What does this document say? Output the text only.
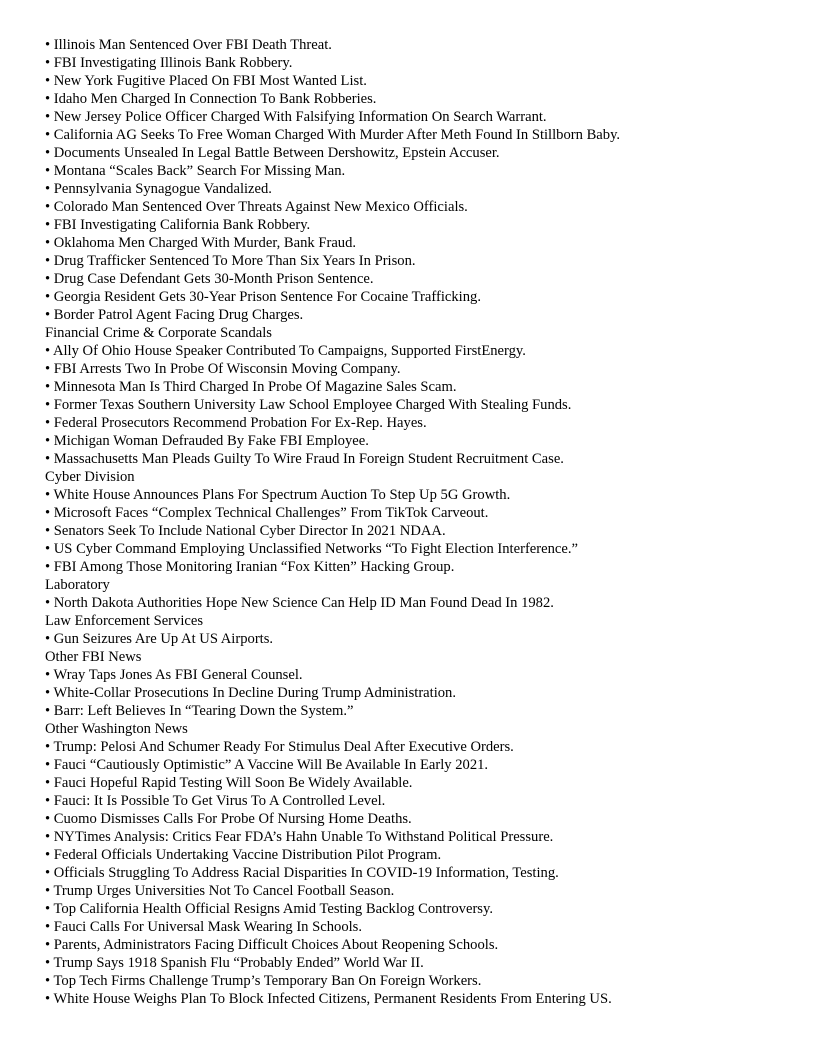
• Illinois Man Sentenced Over FBI Death Threat.
• FBI Investigating Illinois Bank Robbery.
• New York Fugitive Placed On FBI Most Wanted List.
• Idaho Men Charged In Connection To Bank Robberies.
• New Jersey Police Officer Charged With Falsifying Information On Search Warrant.
• California AG Seeks To Free Woman Charged With Murder After Meth Found In Stillborn Baby.
• Documents Unsealed In Legal Battle Between Dershowitz, Epstein Accuser.
• Montana “Scales Back” Search For Missing Man.
• Pennsylvania Synagogue Vandalized.
• Colorado Man Sentenced Over Threats Against New Mexico Officials.
• FBI Investigating California Bank Robbery.
• Oklahoma Men Charged With Murder, Bank Fraud.
• Drug Trafficker Sentenced To More Than Six Years In Prison.
• Drug Case Defendant Gets 30-Month Prison Sentence.
• Georgia Resident Gets 30-Year Prison Sentence For Cocaine Trafficking.
• Border Patrol Agent Facing Drug Charges.
Financial Crime & Corporate Scandals
• Ally Of Ohio House Speaker Contributed To Campaigns, Supported FirstEnergy.
• FBI Arrests Two In Probe Of Wisconsin Moving Company.
• Minnesota Man Is Third Charged In Probe Of Magazine Sales Scam.
• Former Texas Southern University Law School Employee Charged With Stealing Funds.
• Federal Prosecutors Recommend Probation For Ex-Rep. Hayes.
• Michigan Woman Defrauded By Fake FBI Employee.
• Massachusetts Man Pleads Guilty To Wire Fraud In Foreign Student Recruitment Case.
Cyber Division
• White House Announces Plans For Spectrum Auction To Step Up 5G Growth.
• Microsoft Faces “Complex Technical Challenges” From TikTok Carveout.
• Senators Seek To Include National Cyber Director In 2021 NDAA.
• US Cyber Command Employing Unclassified Networks “To Fight Election Interference.”
• FBI Among Those Monitoring Iranian “Fox Kitten” Hacking Group.
Laboratory
• North Dakota Authorities Hope New Science Can Help ID Man Found Dead In 1982.
Law Enforcement Services
• Gun Seizures Are Up At US Airports.
Other FBI News
• Wray Taps Jones As FBI General Counsel.
• White-Collar Prosecutions In Decline During Trump Administration.
• Barr: Left Believes In “Tearing Down the System.”
Other Washington News
• Trump: Pelosi And Schumer Ready For Stimulus Deal After Executive Orders.
• Fauci “Cautiously Optimistic” A Vaccine Will Be Available In Early 2021.
• Fauci Hopeful Rapid Testing Will Soon Be Widely Available.
• Fauci: It Is Possible To Get Virus To A Controlled Level.
• Cuomo Dismisses Calls For Probe Of Nursing Home Deaths.
• NYTimes Analysis: Critics Fear FDA’s Hahn Unable To Withstand Political Pressure.
• Federal Officials Undertaking Vaccine Distribution Pilot Program.
• Officials Struggling To Address Racial Disparities In COVID-19 Information, Testing.
• Trump Urges Universities Not To Cancel Football Season.
• Top California Health Official Resigns Amid Testing Backlog Controversy.
• Fauci Calls For Universal Mask Wearing In Schools.
• Parents, Administrators Facing Difficult Choices About Reopening Schools.
• Trump Says 1918 Spanish Flu “Probably Ended” World War II.
• Top Tech Firms Challenge Trump’s Temporary Ban On Foreign Workers.
• White House Weighs Plan To Block Infected Citizens, Permanent Residents From Entering US.
